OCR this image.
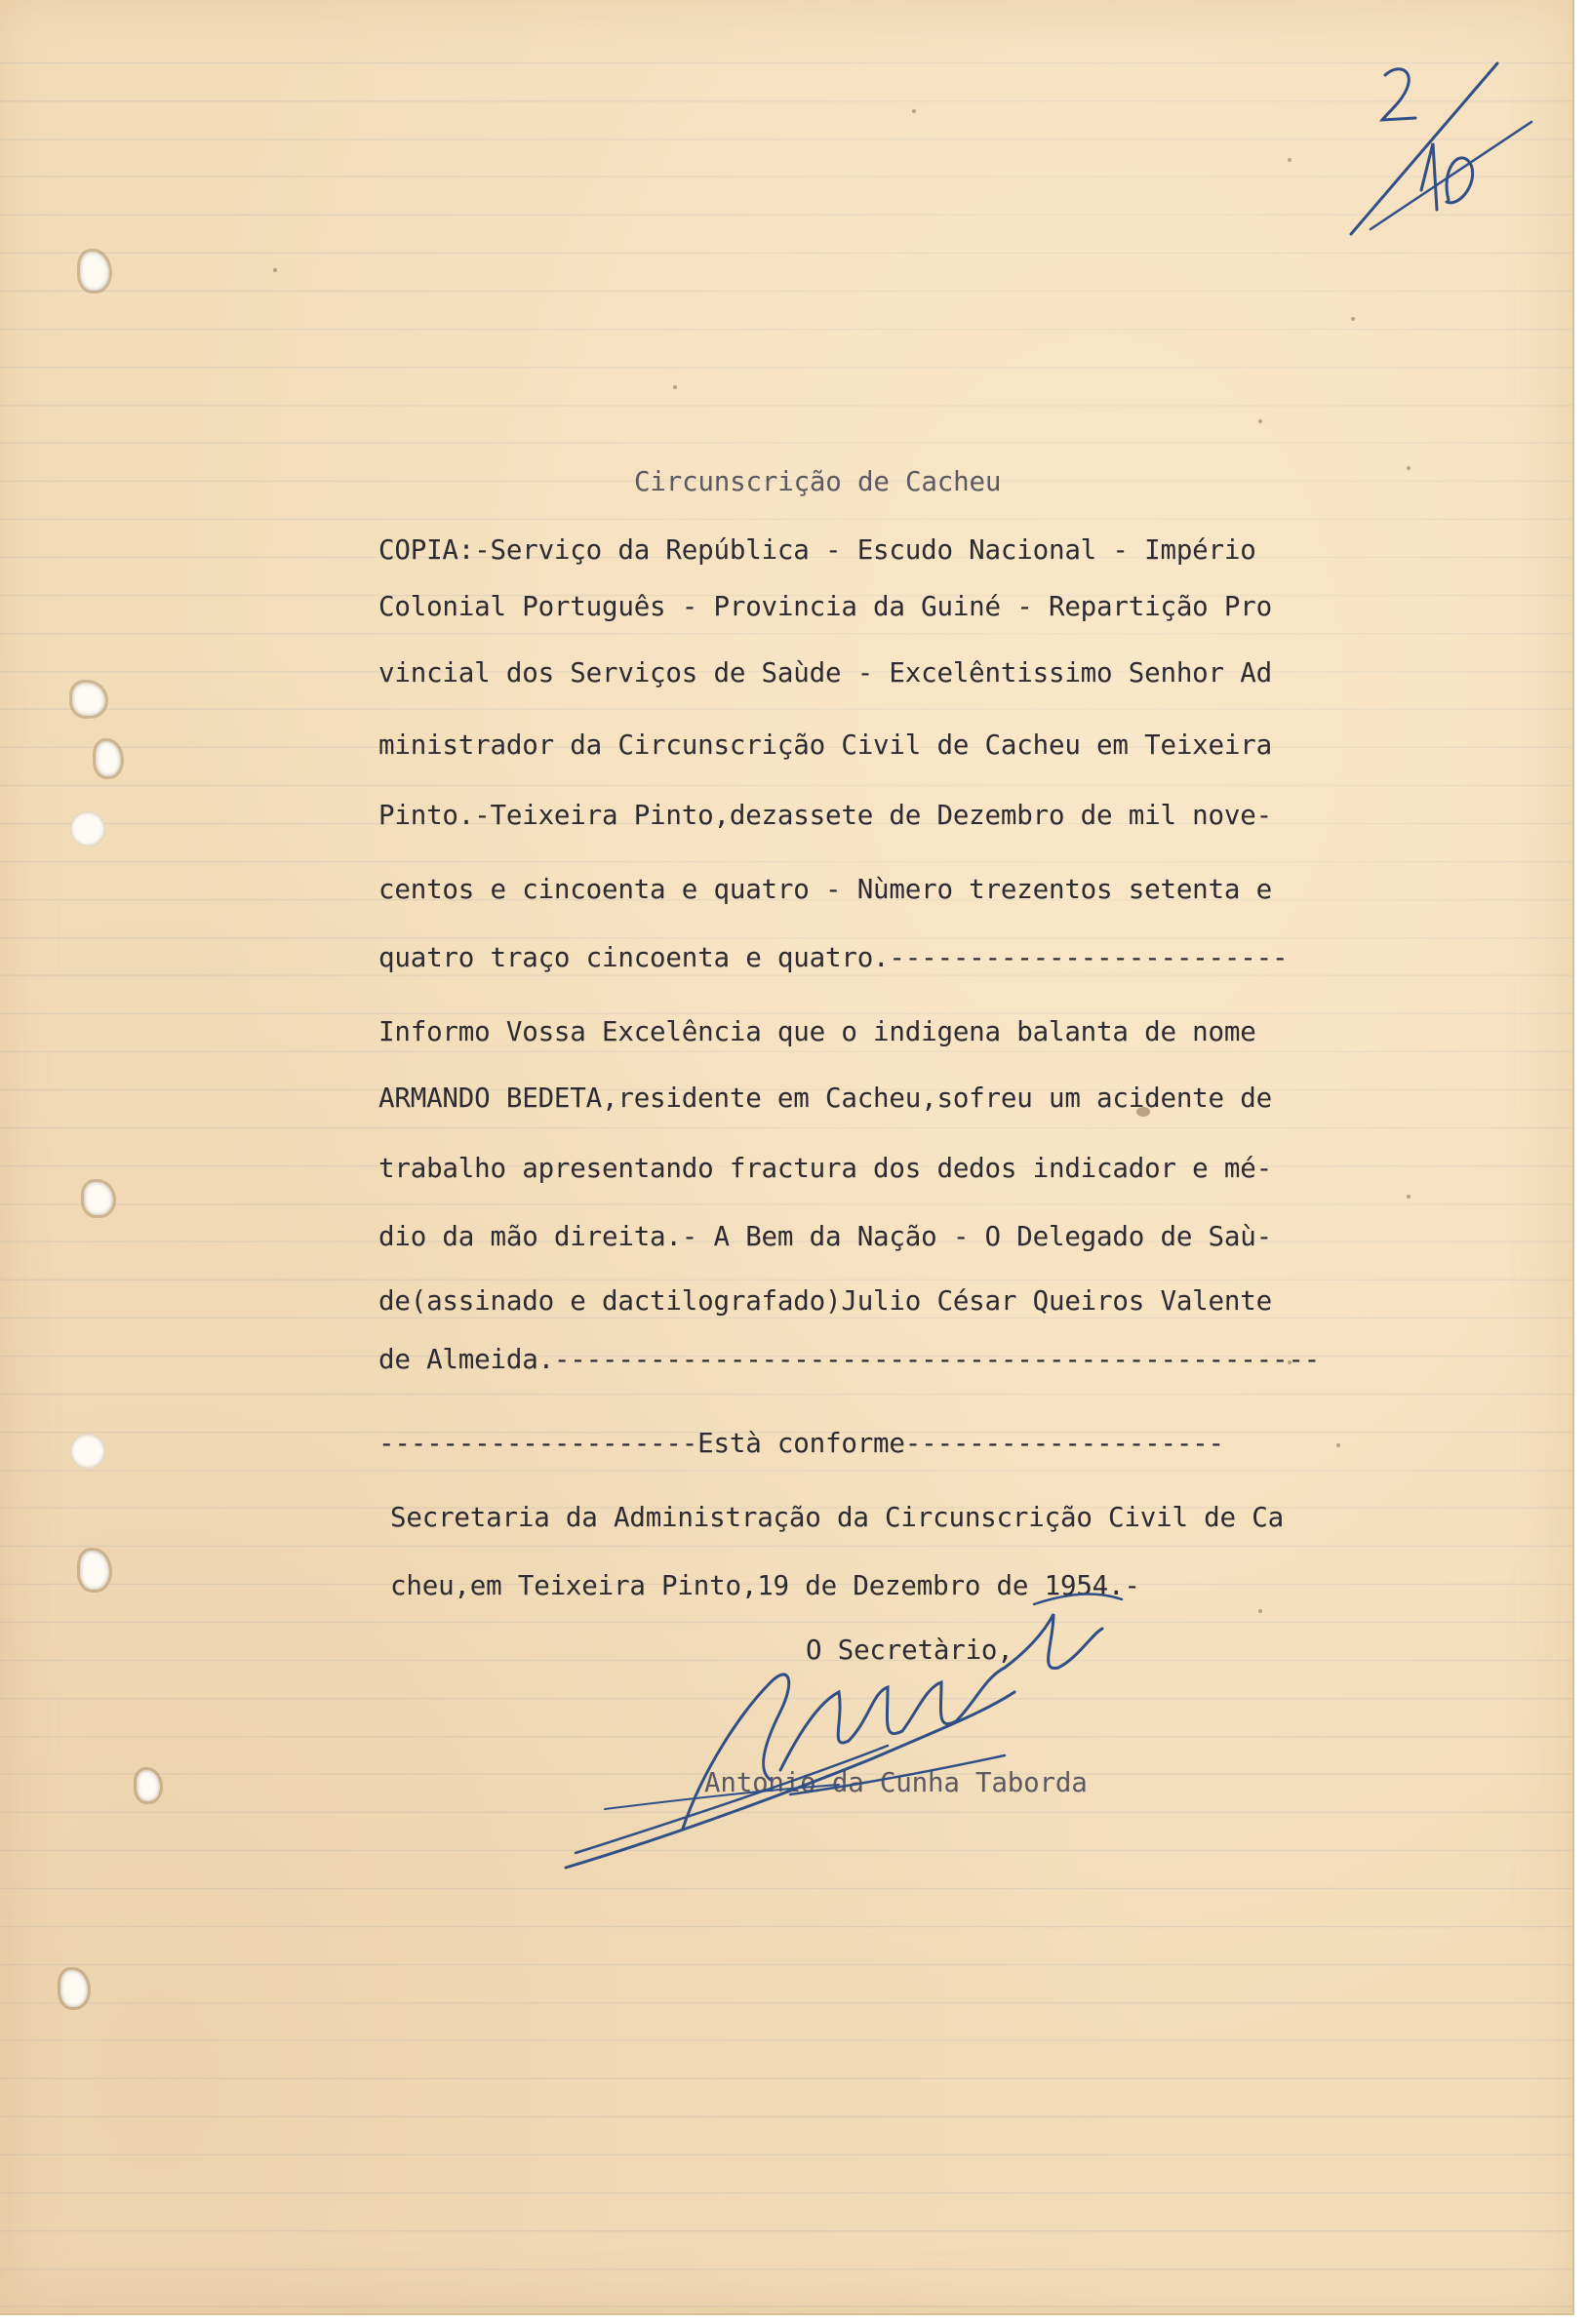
Circunscrição de Cacheu
COPIA:-Serviço da República - Escudo Nacional - Império
Colonial Português - Provincia da Guiné - Repartição Pro
vincial dos Serviços de Saùde - Excelêntissimo Senhor Ad
ministrador da Circunscrição Civil de Cacheu em Teixeira
Pinto.-Teixeira Pinto,dezassete de Dezembro de mil nove-
centos e cincoenta e quatro - Nùmero trezentos setenta e
quatro traço cincoenta e quatro.-------------------------
Informo Vossa Excelência que o indigena balanta de nome
ARMANDO BEDETA,residente em Cacheu,sofreu um acidente de
trabalho apresentando fractura dos dedos indicador e mé-
dio da mão direita.- A Bem da Nação - O Delegado de Saù-
de(assinado e dactilografado)Julio César Queiros Valente
de Almeida.------------------------------------------------
--------------------Està conforme--------------------
Secretaria da Administração da Circunscrição Civil de Ca
cheu,em Teixeira Pinto,19 de Dezembro de 1954.-
O Secretàrio,
Antonio da Cunha Taborda
